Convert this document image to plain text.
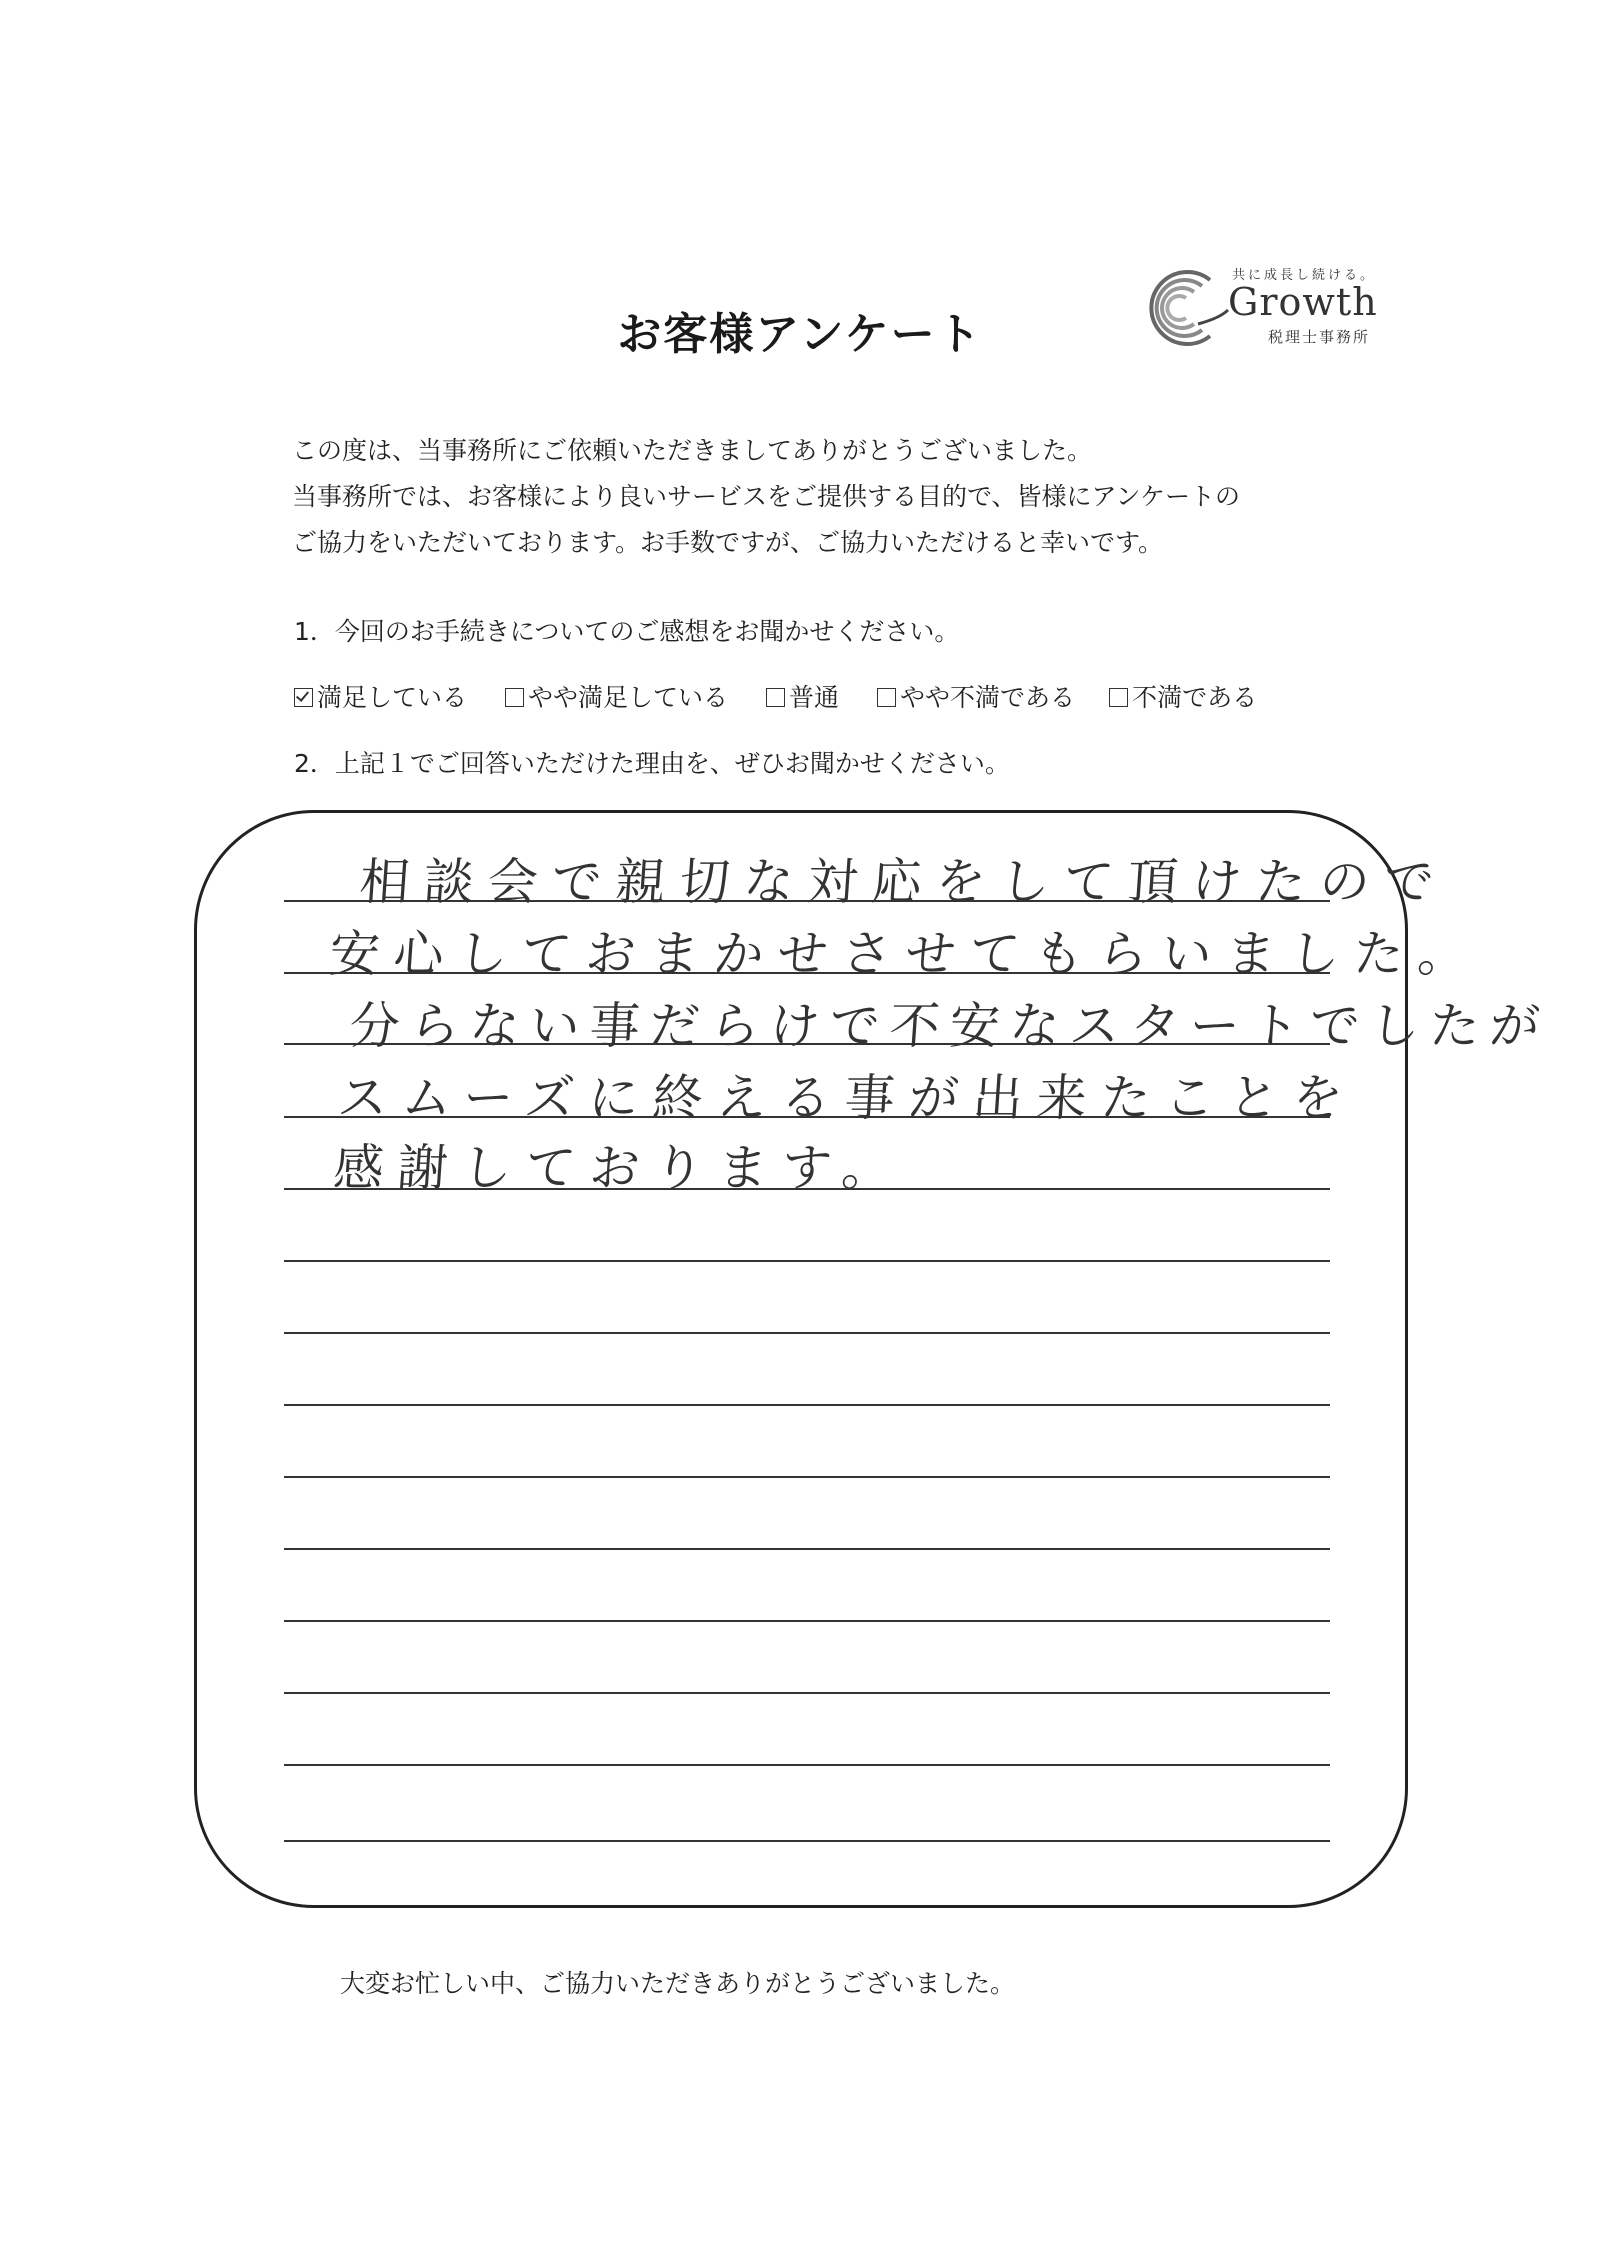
お客様アンケート
共に成長し続ける。
Growth
税理士事務所
この度は、当事務所にご依頼いただきましてありがとうございました。
当事務所では、お客様により良いサービスをご提供する目的で、皆様にアンケートの
ご協力をいただいております。お手数ですが、ご協力いただけると幸いです。
1．今回のお手続きについてのご感想をお聞かせください。
満足している やや満足している 普通 やや不満である 不満である
2．上記１でご回答いただけた理由を、ぜひお聞かせください。
相談会で親切な対応をして頂けたので
安心しておまかせさせてもらいました。
分らない事だらけで不安なスタートでしたが
スムーズに終える事が出来たことを
感謝しております。
大変お忙しい中、ご協力いただきありがとうございました。
